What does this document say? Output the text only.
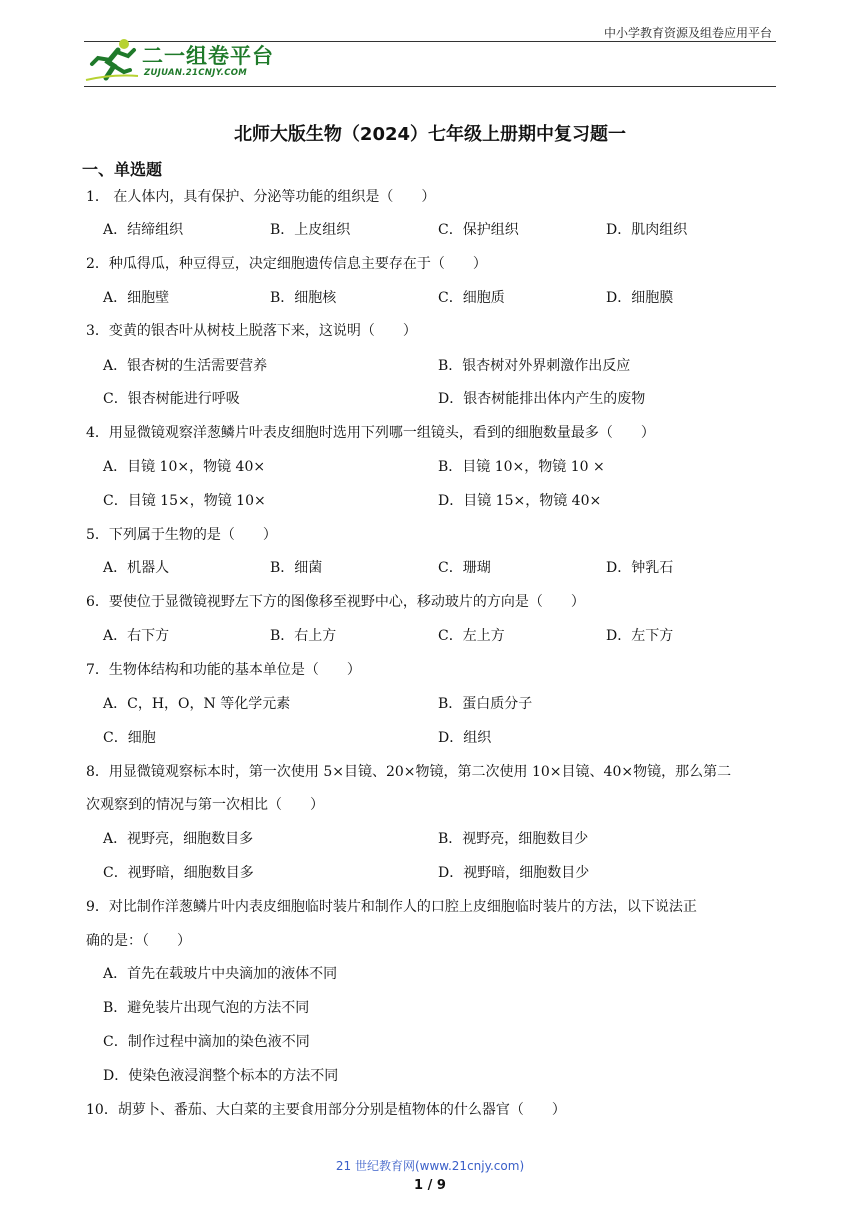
中小学教育资源及组卷应用平台
二一组卷平台
ZUJUAN.21CNJY.COM
北师大版生物（2024）七年级上册期中复习题一
一、单选题
1． 在人体内，具有保护、分泌等功能的组织是（　　）
A．结缔组织	B．上皮组织	C．保护组织	D．肌肉组织
2．种瓜得瓜，种豆得豆，决定细胞遗传信息主要存在于（　　）
A．细胞壁	B．细胞核	C．细胞质	D．细胞膜
3．变黄的银杏叶从树枝上脱落下来，这说明（　　）
A．银杏树的生活需要营养	B．银杏树对外界刺激作出反应
C．银杏树能进行呼吸	D．银杏树能排出体内产生的废物
4．用显微镜观察洋葱鳞片叶表皮细胞时选用下列哪一组镜头，看到的细胞数量最多（　　）
A．目镜 10×，物镜 40×	B．目镜 10×，物镜 10 ×
C．目镜 15×，物镜 10×	D．目镜 15×，物镜 40×
5．下列属于生物的是（　　）
A．机器人	B．细菌	C．珊瑚	D．钟乳石
6．要使位于显微镜视野左下方的图像移至视野中心，移动玻片的方向是（　　）
A．右下方	B．右上方	C．左上方	D．左下方
7．生物体结构和功能的基本单位是（　　）
A．C，H，O，N 等化学元素	B．蛋白质分子
C．细胞	D．组织
8．用显微镜观察标本时，第一次使用 5×目镜、20×物镜，第二次使用 10×目镜、40×物镜，那么第二
次观察到的情况与第一次相比（　　）
A．视野亮，细胞数目多	B．视野亮，细胞数目少
C．视野暗，细胞数目多	D．视野暗，细胞数目少
9．对比制作洋葱鳞片叶内表皮细胞临时装片和制作人的口腔上皮细胞临时装片的方法，以下说法正
确的是：（　　）
A．首先在载玻片中央滴加的液体不同
B．避免装片出现气泡的方法不同
C．制作过程中滴加的染色液不同
D．使染色液浸润整个标本的方法不同
10．胡萝卜、番茄、大白菜的主要食用部分分别是植物体的什么器官（　　）
21 世纪教育网(www.21cnjy.com)
1 / 9
